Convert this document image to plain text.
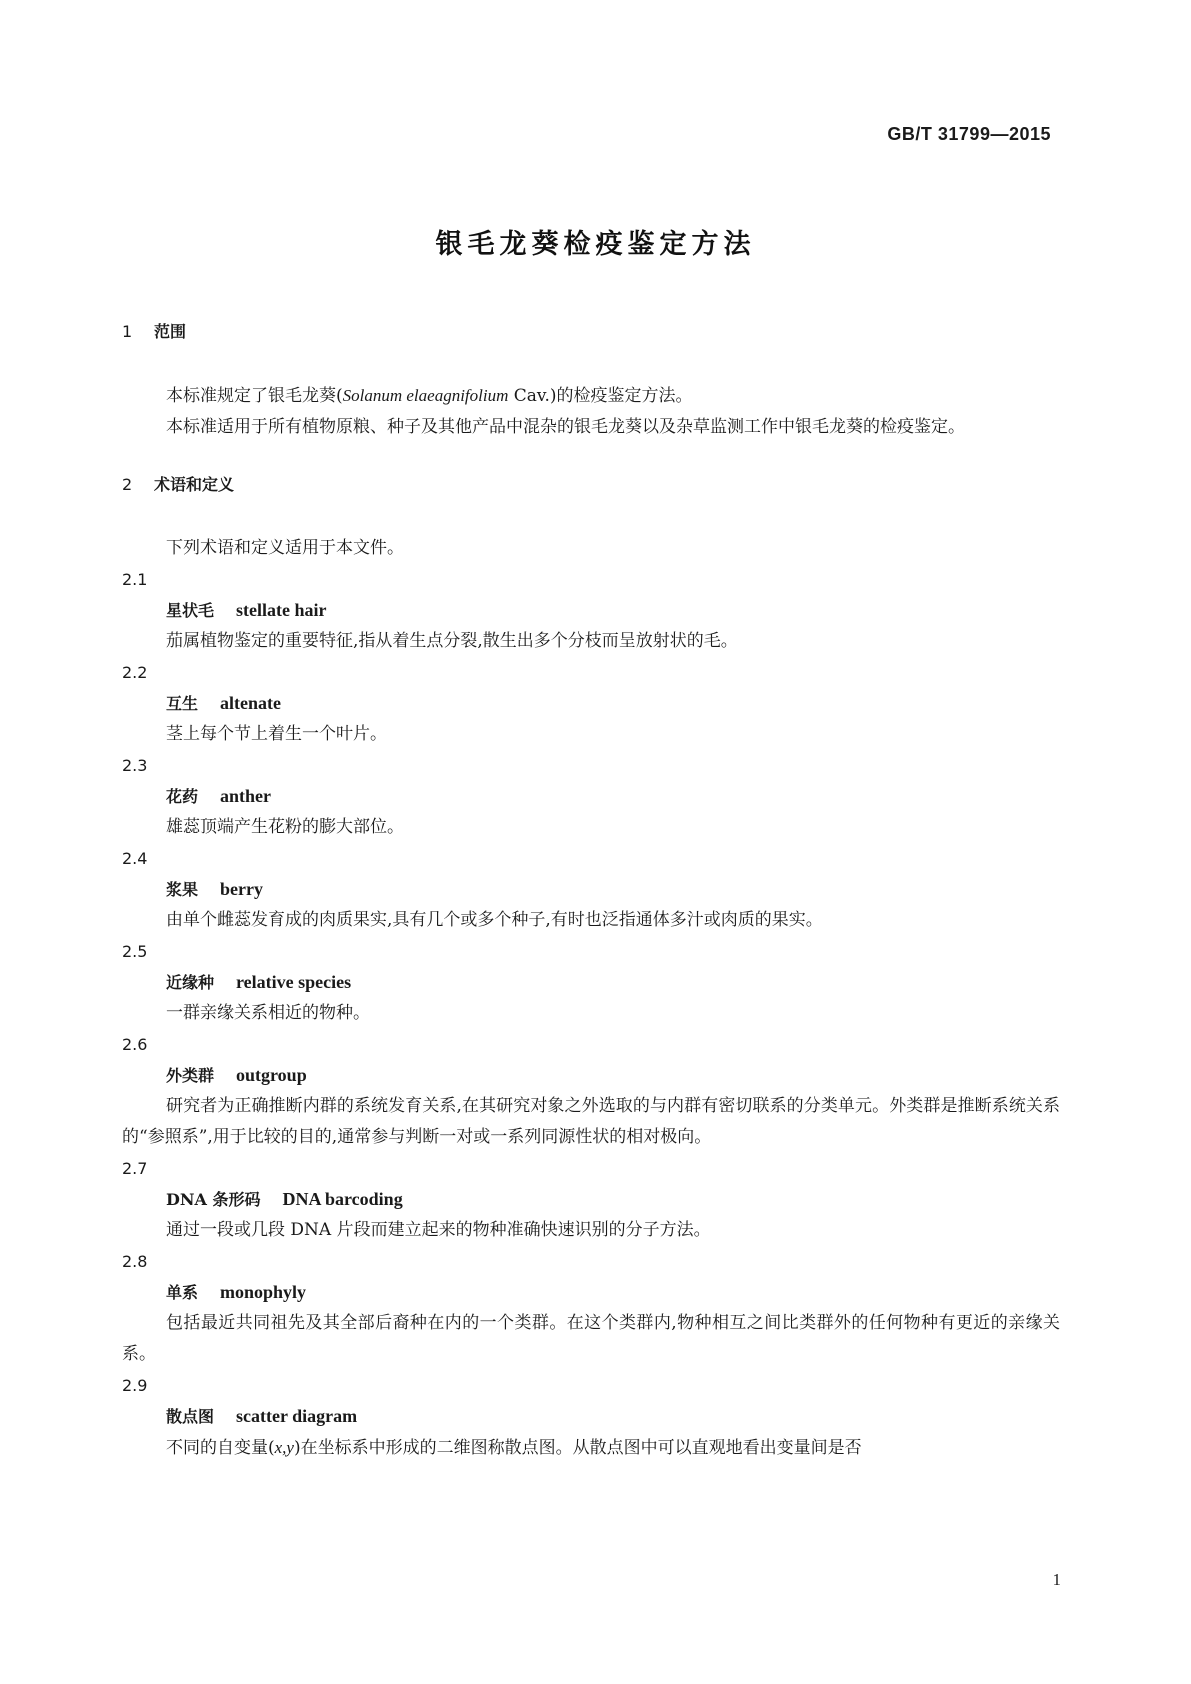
GB/T 31799—2015
银毛龙葵检疫鉴定方法
1 范围
本标准规定了银毛龙葵(Solanum elaeagnifolium Cav.)的检疫鉴定方法。
本标准适用于所有植物原粮、种子及其他产品中混杂的银毛龙葵以及杂草监测工作中银毛龙葵的检疫鉴定。
2 术语和定义
下列术语和定义适用于本文件。
2.1
星状毛 stellate hair
茄属植物鉴定的重要特征,指从着生点分裂,散生出多个分枝而呈放射状的毛。
2.2
互生 altenate
茎上每个节上着生一个叶片。
2.3
花药 anther
雄蕊顶端产生花粉的膨大部位。
2.4
浆果 berry
由单个雌蕊发育成的肉质果实,具有几个或多个种子,有时也泛指通体多汁或肉质的果实。
2.5
近缘种 relative species
一群亲缘关系相近的物种。
2.6
外类群 outgroup
研究者为正确推断内群的系统发育关系,在其研究对象之外选取的与内群有密切联系的分类单元。外类群是推断系统关系的“参照系”,用于比较的目的,通常参与判断一对或一系列同源性状的相对极向。
2.7
DNA 条形码 DNA barcoding
通过一段或几段 DNA 片段而建立起来的物种准确快速识别的分子方法。
2.8
单系 monophyly
包括最近共同祖先及其全部后裔种在内的一个类群。在这个类群内,物种相互之间比类群外的任何物种有更近的亲缘关系。
2.9
散点图 scatter diagram
不同的自变量(x,y)在坐标系中形成的二维图称散点图。从散点图中可以直观地看出变量间是否
1
